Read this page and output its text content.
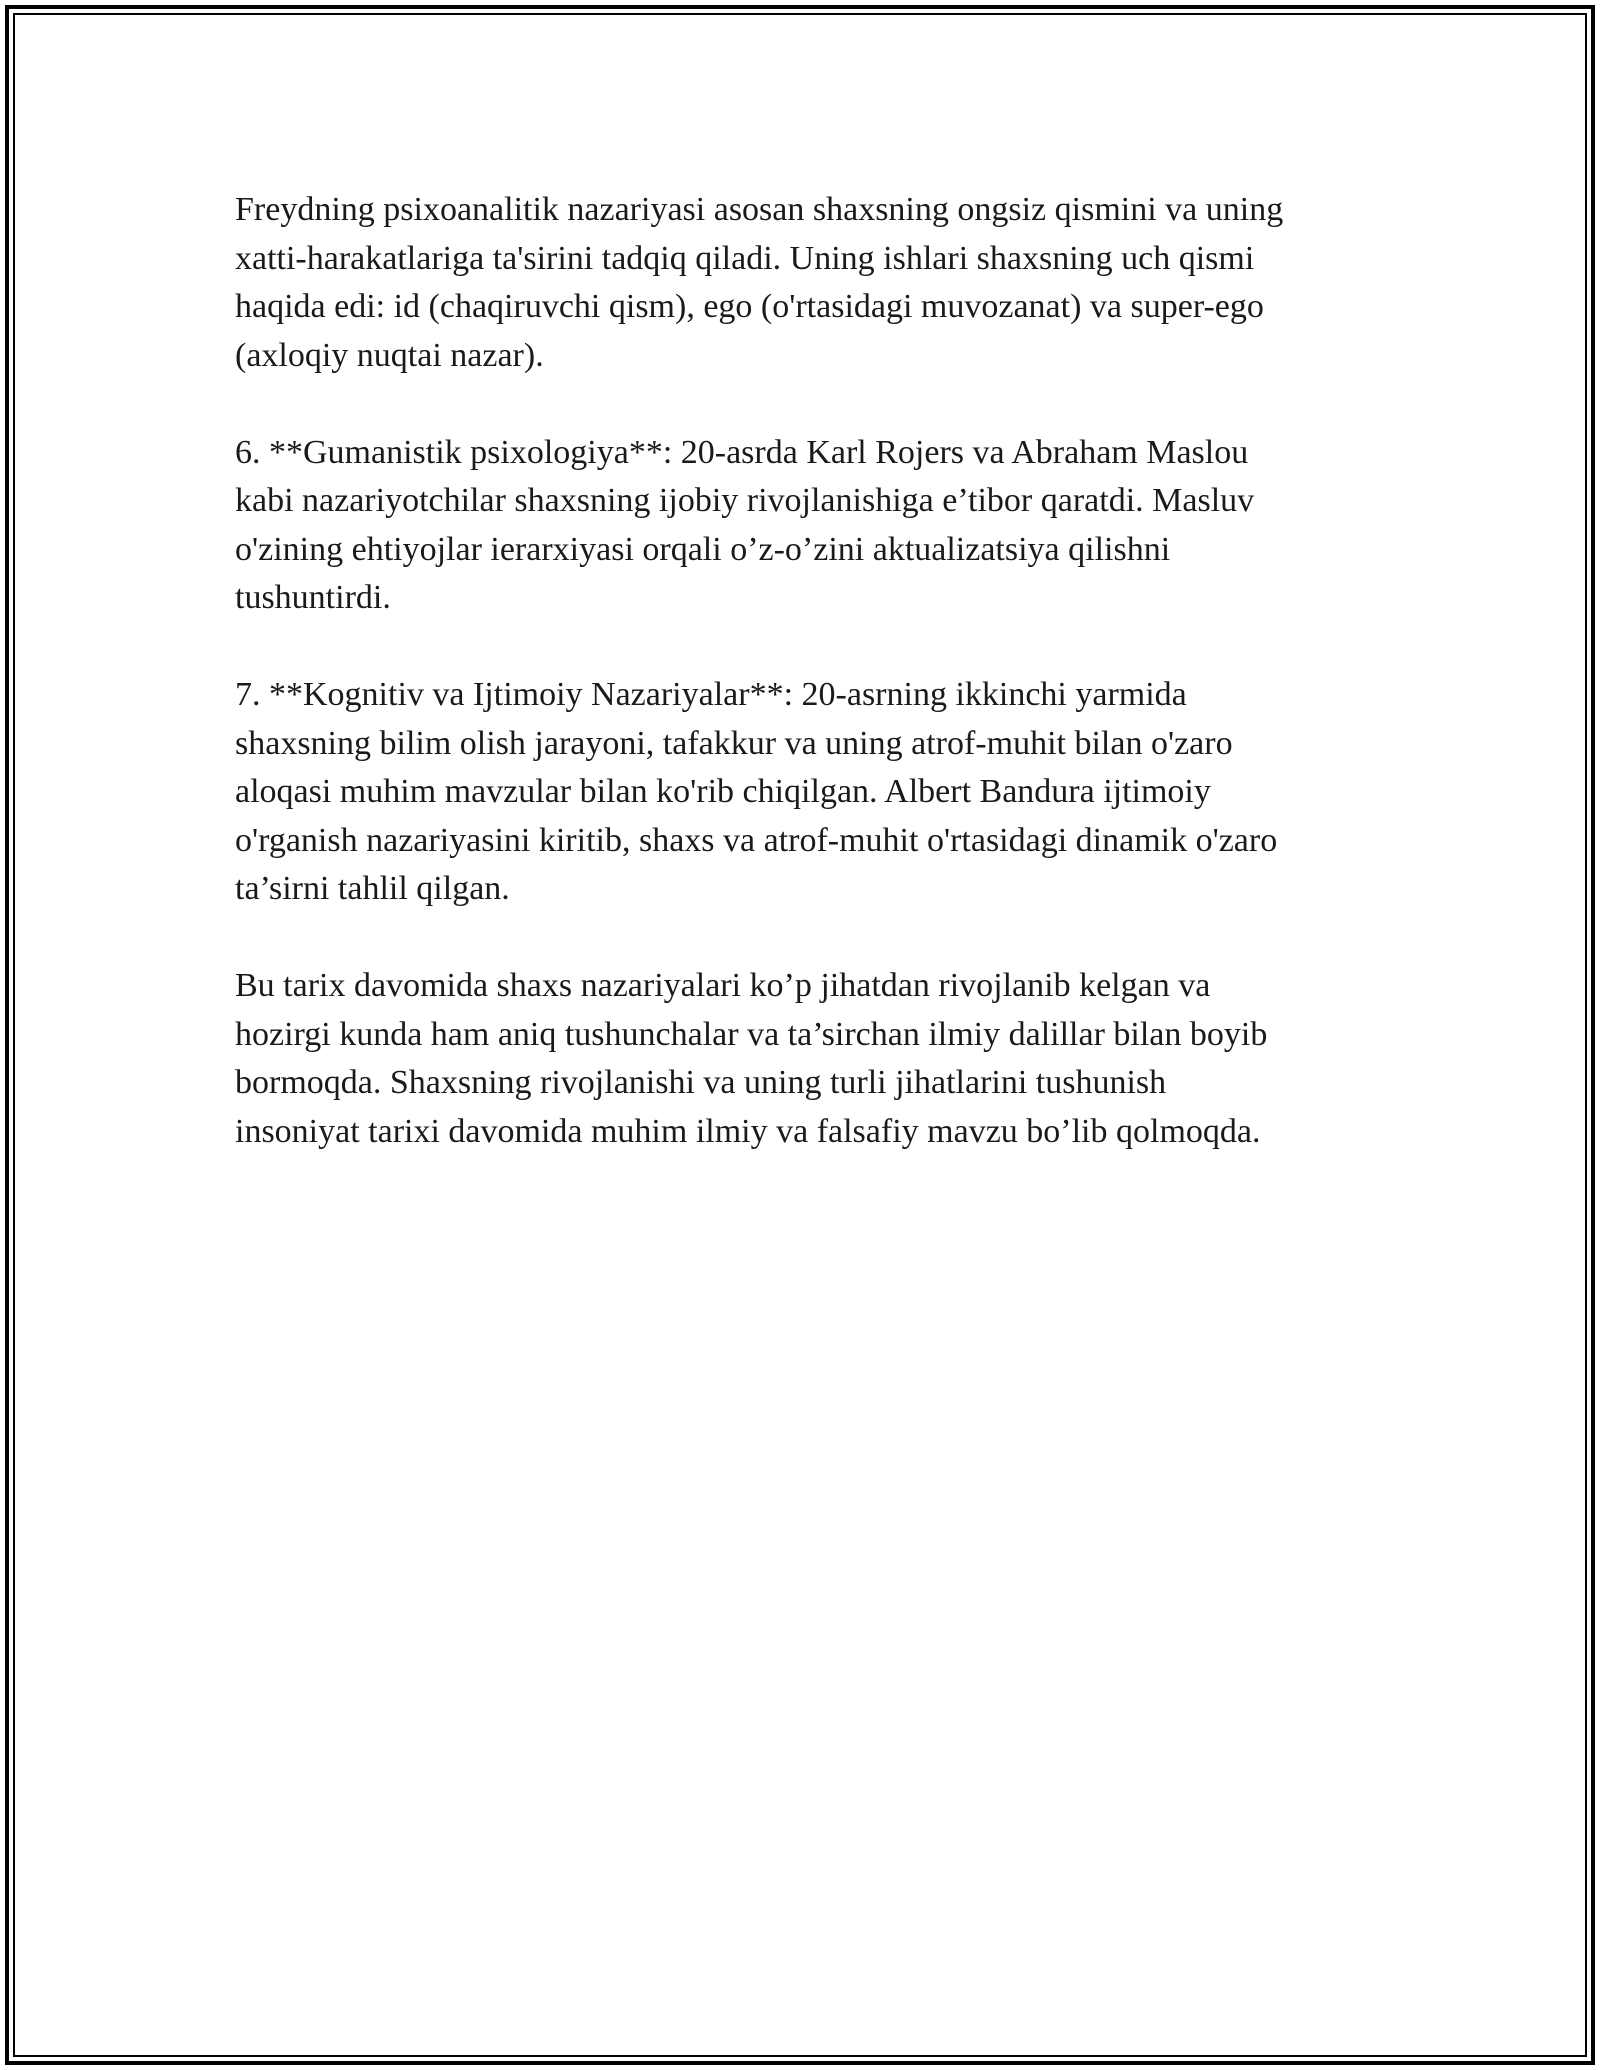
Freydning psixoanalitik nazariyasi asosan shaxsning ongsiz qismini va uning
xatti-harakatlariga ta'sirini tadqiq qiladi. Uning ishlari shaxsning uch qismi
haqida edi: id (chaqiruvchi qism), ego (o'rtasidagi muvozanat) va super-ego
(axloqiy nuqtai nazar).

6. **Gumanistik psixologiya**: 20-asrda Karl Rojers va Abraham Maslou
kabi nazariyotchilar shaxsning ijobiy rivojlanishiga e’tibor qaratdi. Masluv
o'zining ehtiyojlar ierarxiyasi orqali o’z-o’zini aktualizatsiya qilishni
tushuntirdi.

7. **Kognitiv va Ijtimoiy Nazariyalar**: 20-asrning ikkinchi yarmida
shaxsning bilim olish jarayoni, tafakkur va uning atrof-muhit bilan o'zaro
aloqasi muhim mavzular bilan ko'rib chiqilgan. Albert Bandura ijtimoiy
o'rganish nazariyasini kiritib, shaxs va atrof-muhit o'rtasidagi dinamik o'zaro
ta’sirni tahlil qilgan.

Bu tarix davomida shaxs nazariyalari ko’p jihatdan rivojlanib kelgan va
hozirgi kunda ham aniq tushunchalar va ta’sirchan ilmiy dalillar bilan boyib
bormoqda. Shaxsning rivojlanishi va uning turli jihatlarini tushunish
insoniyat tarixi davomida muhim ilmiy va falsafiy mavzu bo’lib qolmoqda.
